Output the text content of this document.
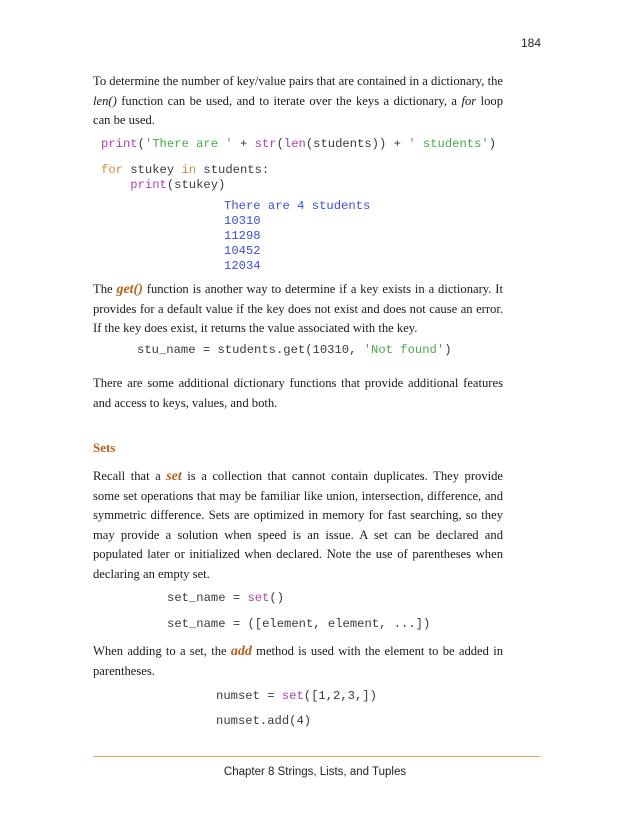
184

To determine the number of key/value pairs that are contained in a dictionary, the len() function can be used, and to iterate over the keys a dictionary, a for loop can be used.

print('There are ' + str(len(students)) + ' students')
for stukey in students:
print(stukey)
There are 4 students
10310
11298
10452
12034

The get() function is another way to determine if a key exists in a dictionary. It provides for a default value if the key does not exist and does not cause an error. If the key does exist, it returns the value associated with the key.

stu_name = students.get(10310, 'Not found')

There are some additional dictionary functions that provide additional features and access to keys, values, and both.

Sets

Recall that a set is a collection that cannot contain duplicates. They provide some set operations that may be familiar like union, intersection, difference, and symmetric difference. Sets are optimized in memory for fast searching, so they may provide a solution when speed is an issue. A set can be declared and populated later or initialized when declared. Note the use of parentheses when declaring an empty set.

set_name = set()
set_name = ([element, element, ...])

When adding to a set, the add method is used with the element to be added in parentheses.

numset = set([1,2,3,])
numset.add(4)
Chapter 8 Strings, Lists, and Tuples
